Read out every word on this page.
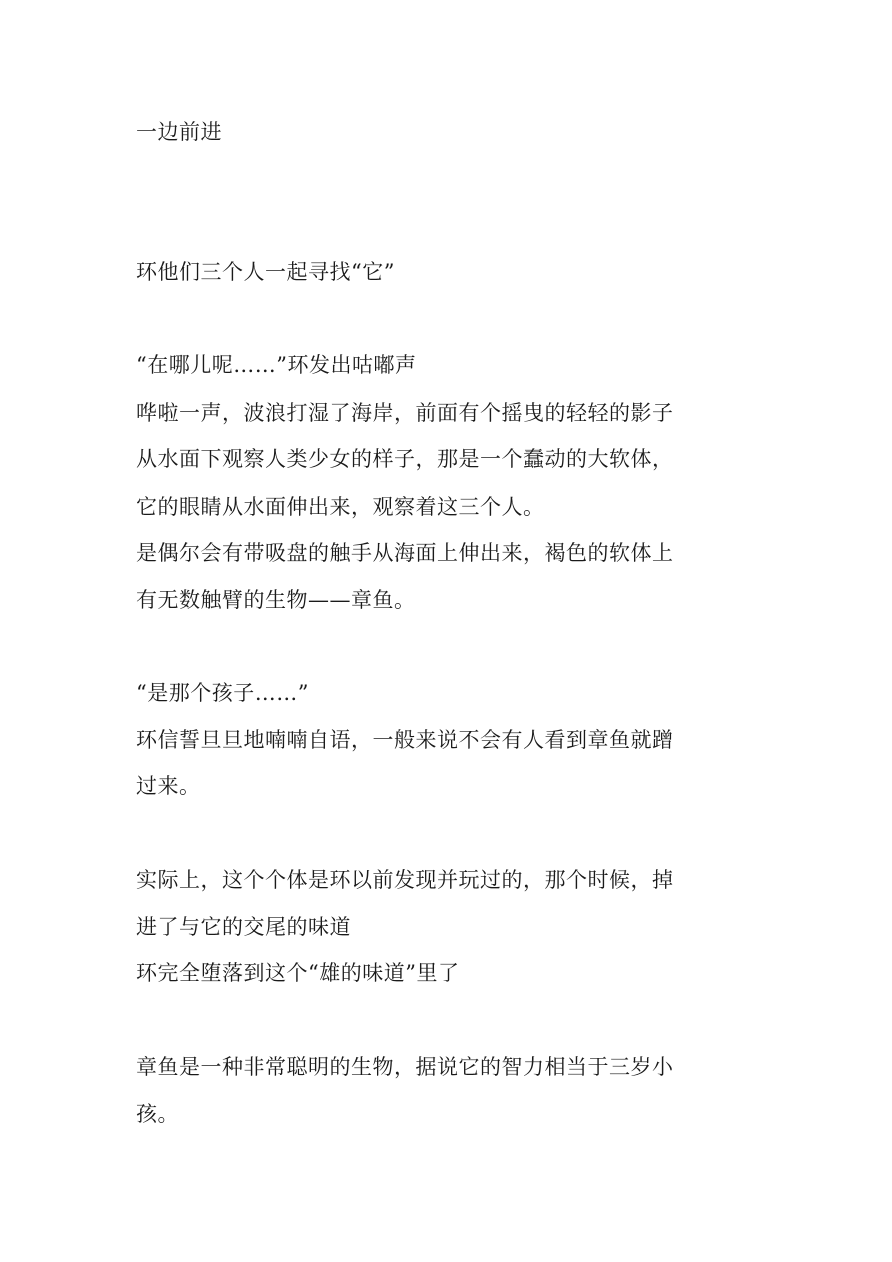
一边前进
环他们三个人一起寻找“它”
“在哪儿呢……”环发出咕嘟声
哗啦一声，波浪打湿了海岸，前面有个摇曳的轻轻的影子
从水面下观察人类少女的样子，那是一个蠢动的大软体，
它的眼睛从水面伸出来，观察着这三个人。
是偶尔会有带吸盘的触手从海面上伸出来，褐色的软体上
有无数触臂的生物——章鱼。
“是那个孩子……”
环信誓旦旦地喃喃自语，一般来说不会有人看到章鱼就蹭
过来。
实际上，这个个体是环以前发现并玩过的，那个时候，掉
进了与它的交尾的味道
环完全堕落到这个“雄的味道”里了
章鱼是一种非常聪明的生物，据说它的智力相当于三岁小
孩。
